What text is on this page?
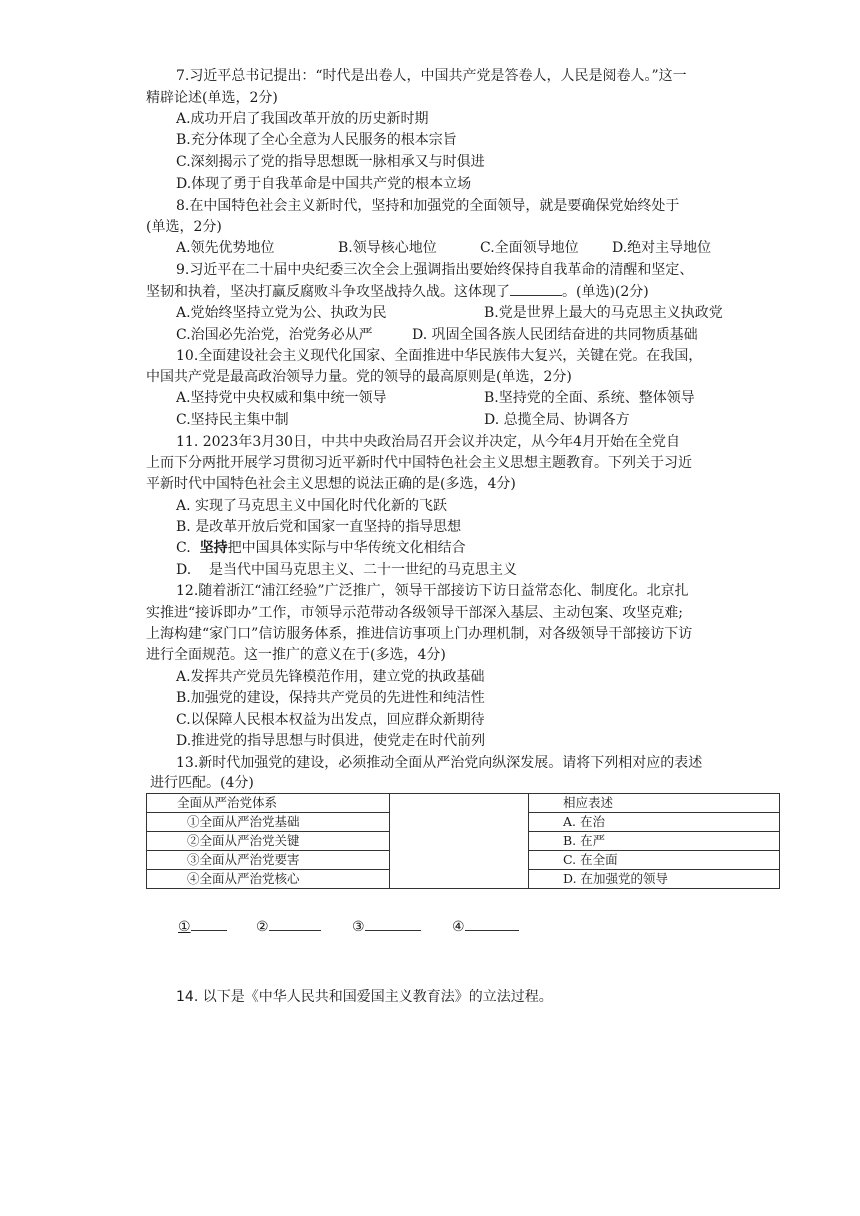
7.习近平总书记提出：“时代是出卷人，中国共产党是答卷人，人民是阅卷人。”这一
精辟论述(单选，2分)
A.成功开启了我国改革开放的历史新时期
B.充分体现了全心全意为人民服务的根本宗旨
C.深刻揭示了党的指导思想既一脉相承又与时俱进
D.体现了勇于自我革命是中国共产党的根本立场
8.在中国特色社会主义新时代，坚持和加强党的全面领导，就是要确保党始终处于
(单选，2分)
A.领先优势地位	B.领导核心地位	C.全面领导地位 D.绝对主导地位
9.习近平在二十届中央纪委三次全会上强调指出要始终保持自我革命的清醒和坚定、
坚韧和执着，坚决打赢反腐败斗争攻坚战持久战。这体现了	。(单选)(2分)
A.党始终坚持立党为公、执政为民	B.党是世界上最大的马克思主义执政党
C.治国必先治党，治党务必从严	D. 巩固全国各族人民团结奋进的共同物质基础
10.全面建设社会主义现代化国家、全面推进中华民族伟大复兴，关键在党。在我国，
中国共产党是最高政治领导力量。党的领导的最高原则是(单选，2分)
A.坚持党中央权威和集中统一领导	B.坚持党的全面、系统、整体领导
C.坚持民主集中制	D. 总揽全局、协调各方
11. 2023年3月30日，中共中央政治局召开会议并决定，从今年4月开始在全党自
上而下分两批开展学习贯彻习近平新时代中国特色社会主义思想主题教育。下列关于习近
平新时代中国特色社会主义思想的说法正确的是(多选，4分)
A. 实现了马克思主义中国化时代化新的飞跃
B. 是改革开放后党和国家一直坚持的指导思想
C.  坚持把中国具体实际与中华传统文化相结合
D.    是当代中国马克思主义、二十一世纪的马克思主义
12.随着浙江“浦江经验”广泛推广，领导干部接访下访日益常态化、制度化。北京扎
实推进“接诉即办”工作，市领导示范带动各级领导干部深入基层、主动包案、攻坚克难;
上海构建“家门口”信访服务体系，推进信访事项上门办理机制，对各级领导干部接访下访
进行全面规范。这一推广的意义在于(多选，4分)
A.发挥共产党员先锋模范作用，建立党的执政基础
B.加强党的建设，保持共产党员的先进性和纯洁性
C.以保障人民根本权益为出发点，回应群众新期待
D.推进党的指导思想与时俱进，使党走在时代前列
13.新时代加强党的建设，必须推动全面从严治党向纵深发展。请将下列相对应的表述
进行匹配。(4分)
全面从严治党体系		相应表述
①全面从严治党基础		A. 在治
②全面从严治党关键		B. 在严
③全面从严治党要害		C. 在全面
④全面从严治党核心		D. 在加强党的领导
①	②	③	④
14. 以下是《中华人民共和国爱国主义教育法》的立法过程。
